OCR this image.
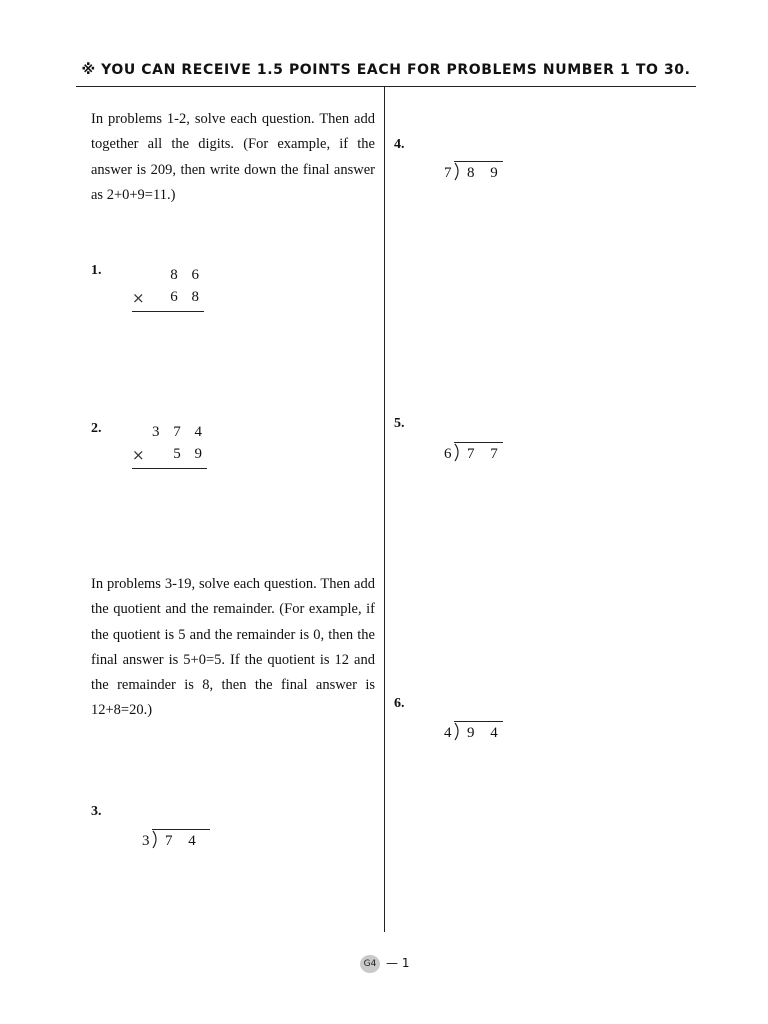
※ YOU CAN RECEIVE 1.5 POINTS EACH FOR PROBLEMS NUMBER 1 TO 30.
In problems 1-2, solve each question. Then add together all the digits. (For example, if the answer is 209, then write down the final answer as 2+0+9=11.)
1.	8 6
× 6 8
2.	3 7 4
× 5 9
In problems 3-19, solve each question. Then add the quotient and the remainder. (For example, if the quotient is 5 and the remainder is 0, then the final answer is 5+0=5. If the quotient is 12 and the remainder is 8, then the final answer is 12+8=20.)
3.
3 7 4
4.
7 8 9
5.
6 7 7
6.
4 9 4
G4 — 1
